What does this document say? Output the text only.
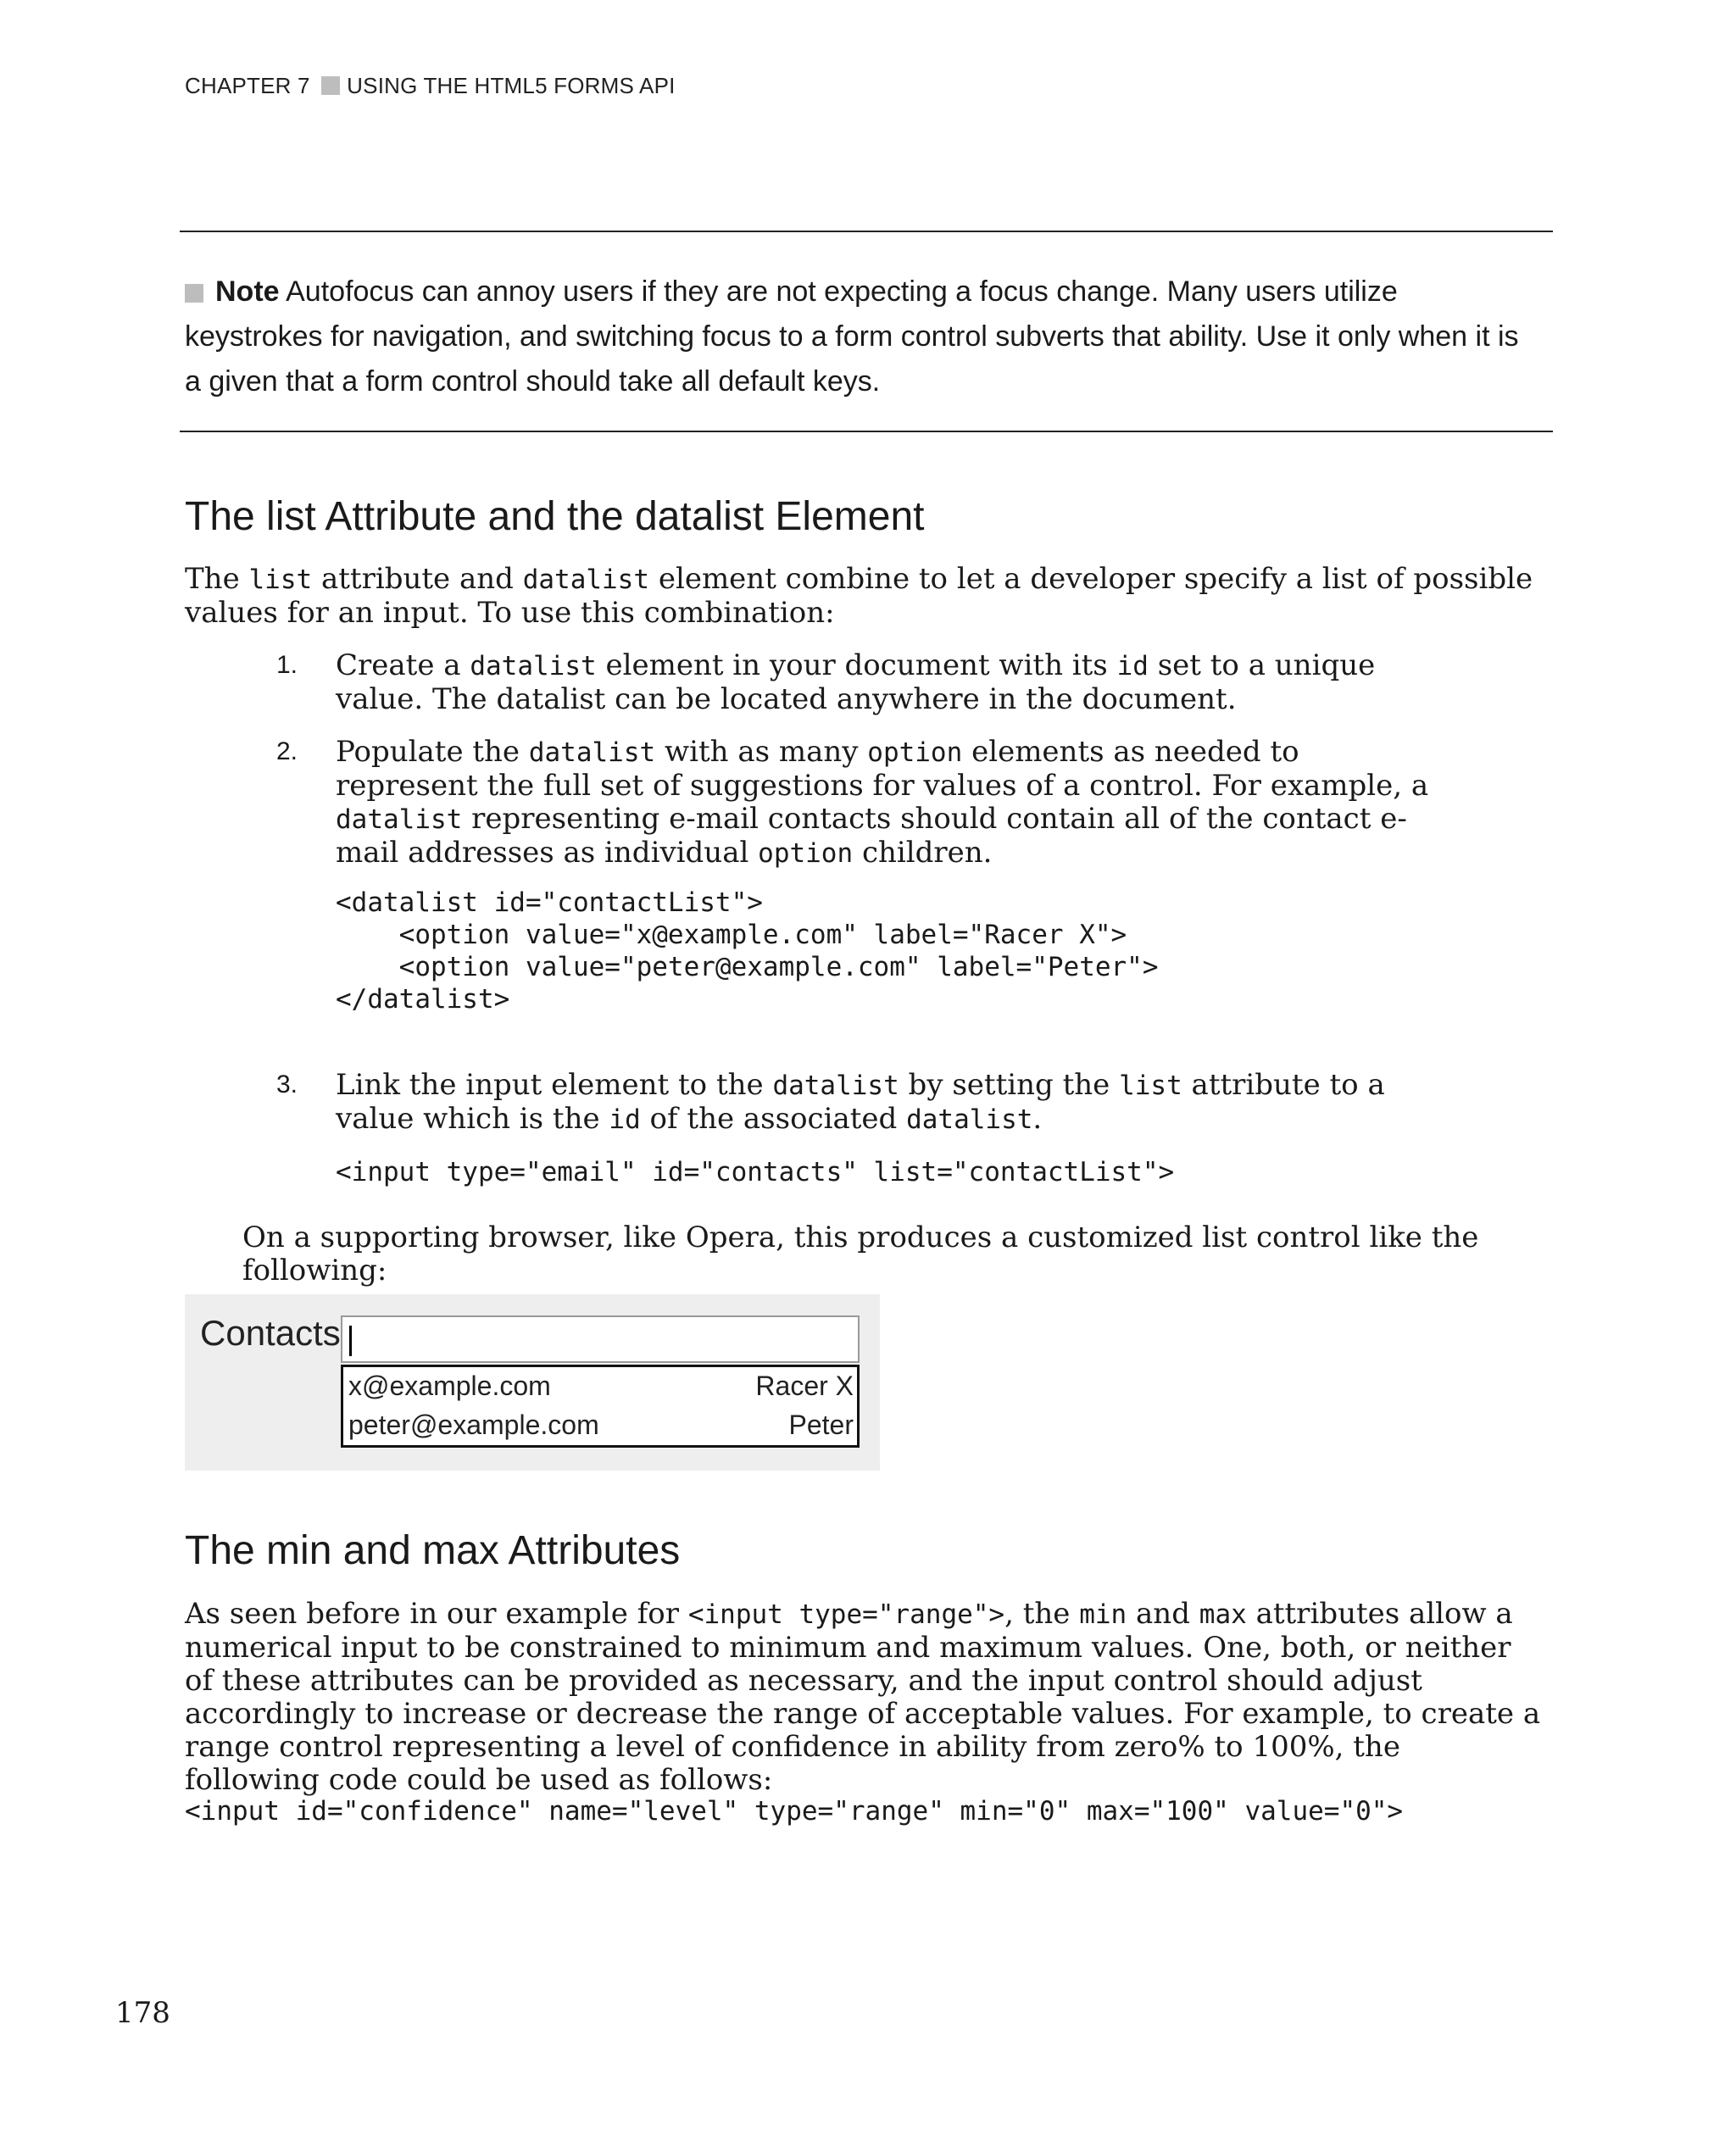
CHAPTER 7 USING THE HTML5 FORMS API
Note Autofocus can annoy users if they are not expecting a focus change. Many users utilize keystrokes for navigation, and switching focus to a form control subverts that ability. Use it only when it is a given that a form control should take all default keys.
The list Attribute and the datalist Element
The list attribute and datalist element combine to let a developer specify a list of possible values for an input. To use this combination:
1. Create a datalist element in your document with its id set to a unique value. The datalist can be located anywhere in the document.
2. Populate the datalist with as many option elements as needed to represent the full set of suggestions for values of a control. For example, a datalist representing e-mail contacts should contain all of the contact e-mail addresses as individual option children.
<datalist id="contactList">
<option value="x@example.com" label="Racer X">
<option value="peter@example.com" label="Peter">
</datalist>
3. Link the input element to the datalist by setting the list attribute to a value which is the id of the associated datalist.
<input type="email" id="contacts" list="contactList">
On a supporting browser, like Opera, this produces a customized list control like the following:
Contacts
x@example.com	Racer X
peter@example.com	Peter
The min and max Attributes
As seen before in our example for <input type="range">, the min and max attributes allow a numerical input to be constrained to minimum and maximum values. One, both, or neither of these attributes can be provided as necessary, and the input control should adjust accordingly to increase or decrease the range of acceptable values. For example, to create a range control representing a level of confidence in ability from zero% to 100%, the following code could be used as follows:
<input id="confidence" name="level" type="range" min="0" max="100" value="0">
178
